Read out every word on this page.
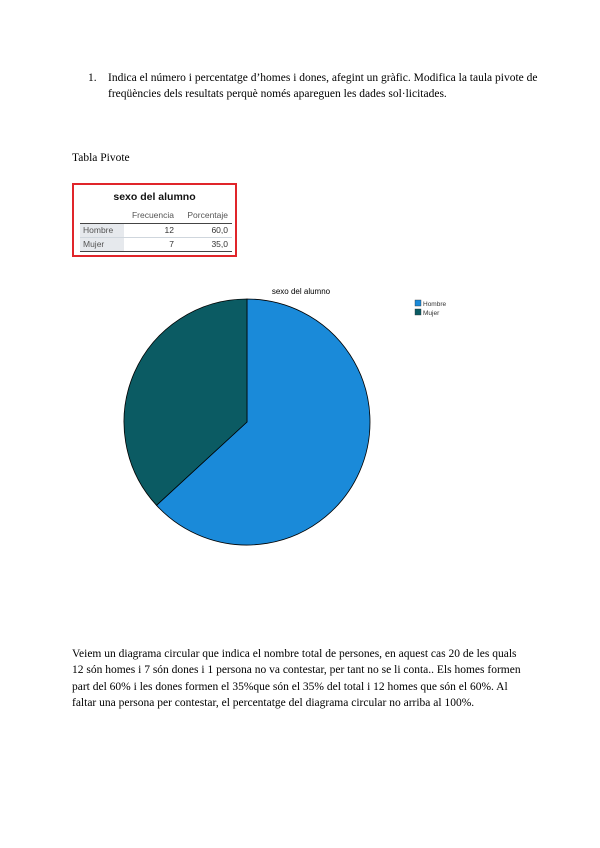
1. Indica el número i percentatge d’homes i dones, afegint un gràfic. Modifica la taula pivote de freqüències dels resultats perquè només apareguen les dades sol·licitades.
Tabla Pivote
sexo del alumno
Frecuencia	Porcentaje
Hombre	12	60,0
Mujer	7	35,0
sexo del alumno
Hombre
Mujer
Veiem un diagrama circular que indica el nombre total de persones, en aquest cas 20 de les quals 12 són homes i 7 són dones i 1 persona no va contestar, per tant no se li conta.. Els homes formen part del 60% i les dones formen el 35%que són el 35% del total i 12 homes que són el 60%. Al faltar una persona per contestar, el percentatge del diagrama circular no arriba al 100%.
